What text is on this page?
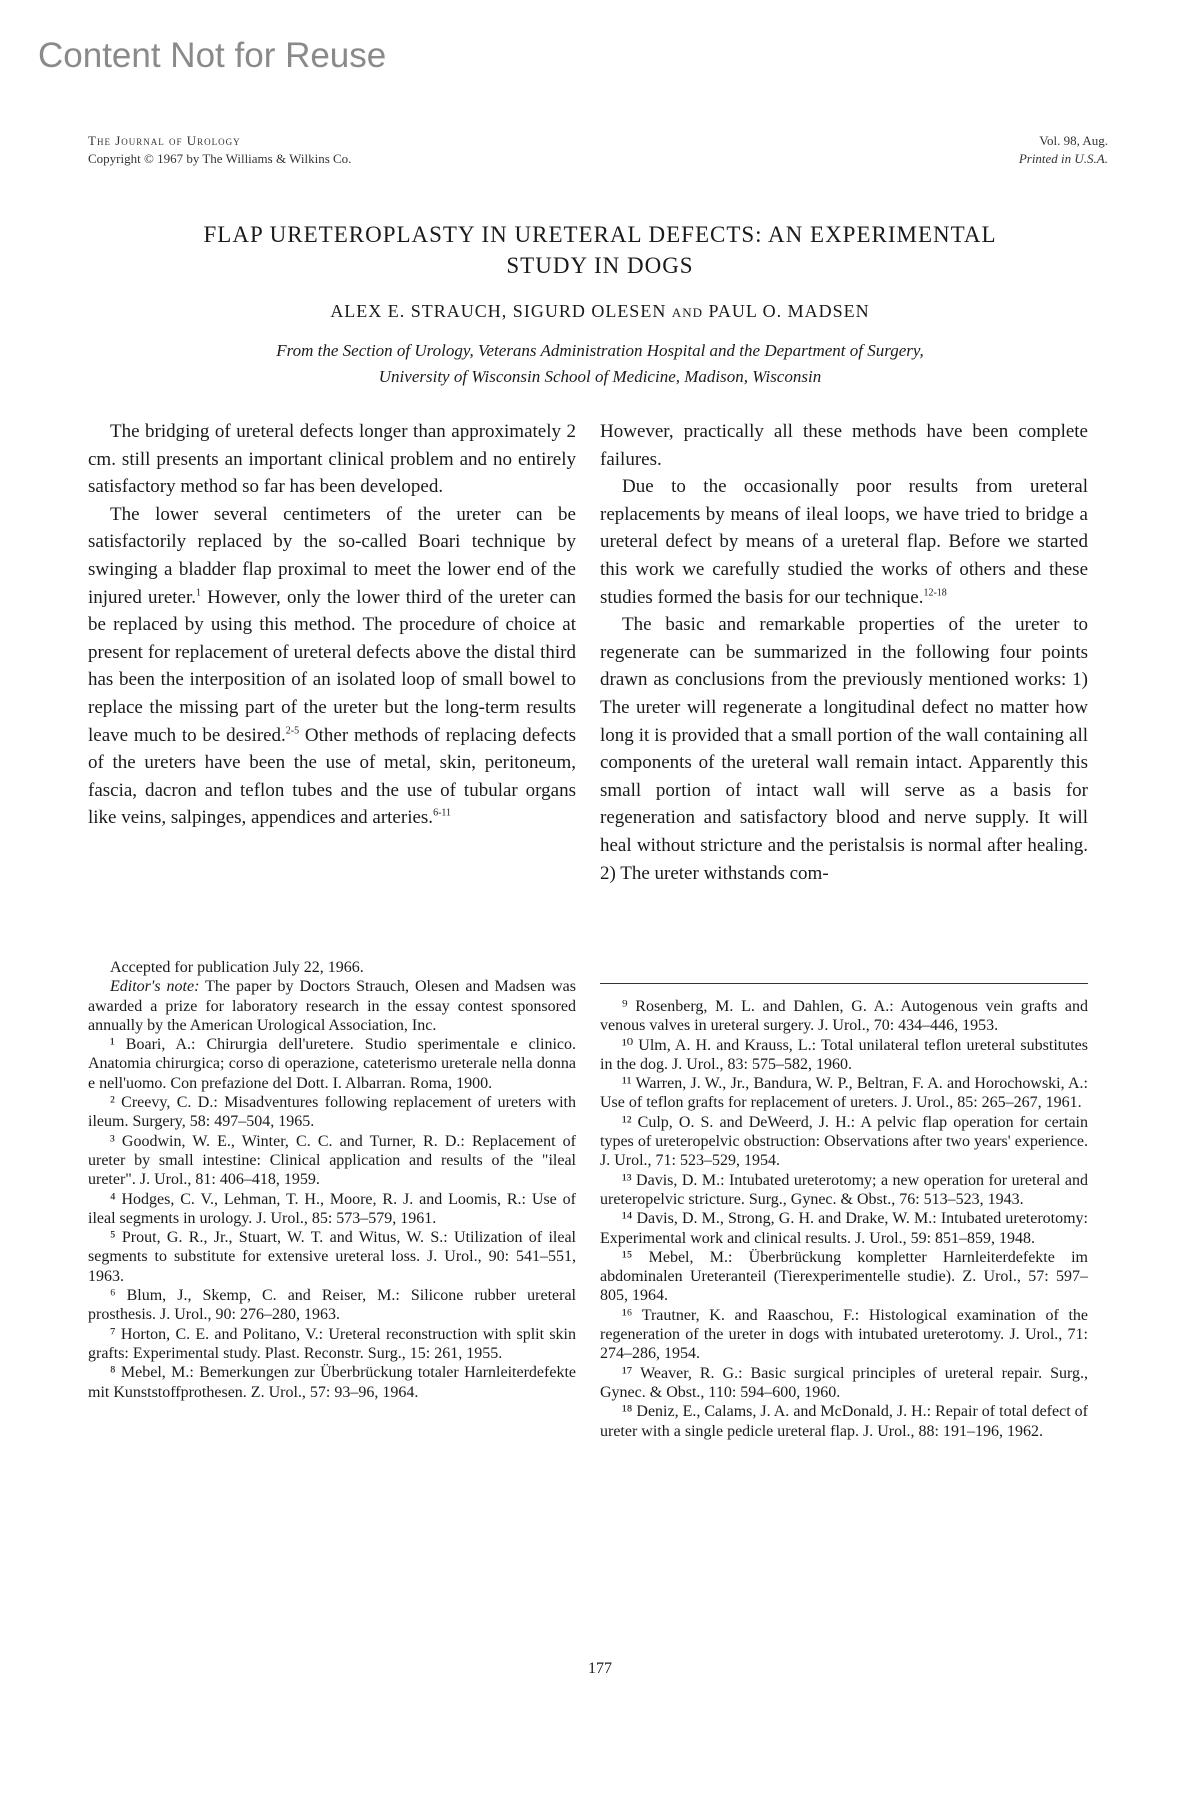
Content Not for Reuse
The Journal of Urology
Copyright © 1967 by The Williams & Wilkins Co.
Vol. 98, Aug.
Printed in U.S.A.
FLAP URETEROPLASTY IN URETERAL DEFECTS: AN EXPERIMENTAL
STUDY IN DOGS
ALEX E. STRAUCH, SIGURD OLESEN AND PAUL O. MADSEN
From the Section of Urology, Veterans Administration Hospital and the Department of Surgery,
University of Wisconsin School of Medicine, Madison, Wisconsin

The bridging of ureteral defects longer than approximately 2 cm. still presents an important clinical problem and no entirely satisfactory method so far has been developed.

The lower several centimeters of the ureter can be satisfactorily replaced by the so-called Boari technique by swinging a bladder flap proximal to meet the lower end of the injured ureter.$^1$ However, only the lower third of the ureter can be replaced by using this method. The procedure of choice at present for replacement of ureteral defects above the distal third has been the interposition of an isolated loop of small bowel to replace the missing part of the ureter but the long-term results leave much to be desired.$^{2-5}$ Other methods of replacing defects of the ureters have been the use of metal, skin, peritoneum, fascia, dacron and teflon tubes and the use of tubular organs like veins, salpinges, appendices and arteries.$^{6-11}$

Accepted for publication July 22, 1966.

Editor's note: The paper by Doctors Strauch, Olesen and Madsen was awarded a prize for laboratory research in the essay contest sponsored annually by the American Urological Association, Inc.

¹ Boari, A.: Chirurgia dell'uretere. Studio sperimentale e clinico. Anatomia chirurgica; corso di operazione, cateterismo ureterale nella donna e nell'uomo. Con prefazione del Dott. I. Albarran. Roma, 1900.

² Creevy, C. D.: Misadventures following replacement of ureters with ileum. Surgery, 58: 497–504, 1965.

³ Goodwin, W. E., Winter, C. C. and Turner, R. D.: Replacement of ureter by small intestine: Clinical application and results of the "ileal ureter". J. Urol., 81: 406–418, 1959.

⁴ Hodges, C. V., Lehman, T. H., Moore, R. J. and Loomis, R.: Use of ileal segments in urology. J. Urol., 85: 573–579, 1961.

⁵ Prout, G. R., Jr., Stuart, W. T. and Witus, W. S.: Utilization of ileal segments to substitute for extensive ureteral loss. J. Urol., 90: 541–551, 1963.

⁶ Blum, J., Skemp, C. and Reiser, M.: Silicone rubber ureteral prosthesis. J. Urol., 90: 276–280, 1963.

⁷ Horton, C. E. and Politano, V.: Ureteral reconstruction with split skin grafts: Experimental study. Plast. Reconstr. Surg., 15: 261, 1955.

⁸ Mebel, M.: Bemerkungen zur Überbrückung totaler Harnleiterdefekte mit Kunststoffprothesen. Z. Urol., 57: 93–96, 1964.

However, practically all these methods have been complete failures.

Due to the occasionally poor results from ureteral replacements by means of ileal loops, we have tried to bridge a ureteral defect by means of a ureteral flap. Before we started this work we carefully studied the works of others and these studies formed the basis for our technique.$^{12-18}$

The basic and remarkable properties of the ureter to regenerate can be summarized in the following four points drawn as conclusions from the previously mentioned works: 1) The ureter will regenerate a longitudinal defect no matter how long it is provided that a small portion of the wall containing all components of the ureteral wall remain intact. Apparently this small portion of intact wall will serve as a basis for regeneration and satisfactory blood and nerve supply. It will heal without stricture and the peristalsis is normal after healing. 2) The ureter withstands com-

⁹ Rosenberg, M. L. and Dahlen, G. A.: Autogenous vein grafts and venous valves in ureteral surgery. J. Urol., 70: 434–446, 1953.

¹⁰ Ulm, A. H. and Krauss, L.: Total unilateral teflon ureteral substitutes in the dog. J. Urol., 83: 575–582, 1960.

¹¹ Warren, J. W., Jr., Bandura, W. P., Beltran, F. A. and Horochowski, A.: Use of teflon grafts for replacement of ureters. J. Urol., 85: 265–267, 1961.

¹² Culp, O. S. and DeWeerd, J. H.: A pelvic flap operation for certain types of ureteropelvic obstruction: Observations after two years' experience. J. Urol., 71: 523–529, 1954.

¹³ Davis, D. M.: Intubated ureterotomy; a new operation for ureteral and ureteropelvic stricture. Surg., Gynec. & Obst., 76: 513–523, 1943.

¹⁴ Davis, D. M., Strong, G. H. and Drake, W. M.: Intubated ureterotomy: Experimental work and clinical results. J. Urol., 59: 851–859, 1948.

¹⁵ Mebel, M.: Überbrückung kompletter Harnleiterdefekte im abdominalen Ureteranteil (Tierexperimentelle studie). Z. Urol., 57: 597–805, 1964.

¹⁶ Trautner, K. and Raaschou, F.: Histological examination of the regeneration of the ureter in dogs with intubated ureterotomy. J. Urol., 71: 274–286, 1954.

¹⁷ Weaver, R. G.: Basic surgical principles of ureteral repair. Surg., Gynec. & Obst., 110: 594–600, 1960.

¹⁸ Deniz, E., Calams, J. A. and McDonald, J. H.: Repair of total defect of ureter with a single pedicle ureteral flap. J. Urol., 88: 191–196, 1962.

177
